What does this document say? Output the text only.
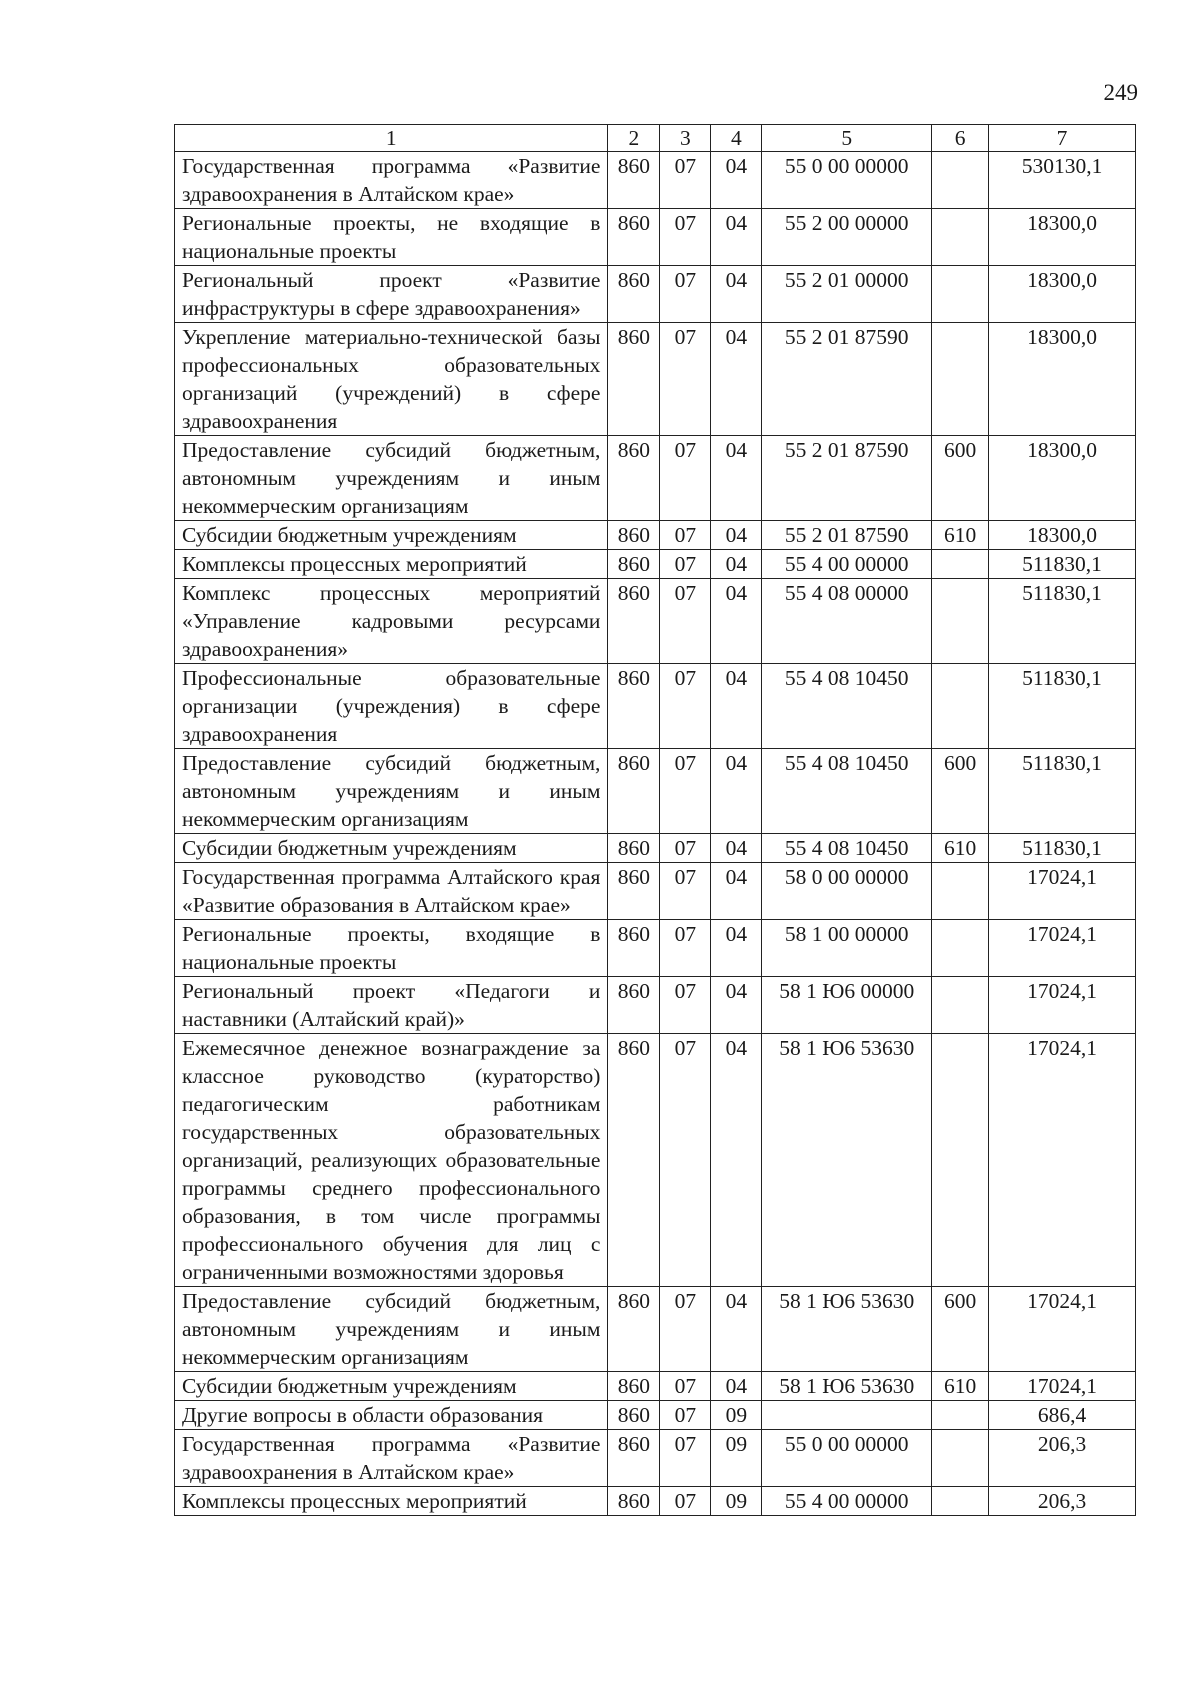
249
1	2	3	4	5	6	7
Государственная программа «Развитие здравоохранения в Алтайском крае»	860	07	04	55 0 00 00000		530130,1
Региональные проекты, не входящие в национальные проекты	860	07	04	55 2 00 00000		18300,0
Региональный проект «Развитие инфраструктуры в сфере здравоохранения»	860	07	04	55 2 01 00000		18300,0
Укрепление материально-технической базы профессиональных образовательных организаций (учреждений) в сфере здравоохранения	860	07	04	55 2 01 87590		18300,0
Предоставление субсидий бюджетным, автономным учреждениям и иным некоммерческим организациям	860	07	04	55 2 01 87590	600	18300,0
Субсидии бюджетным учреждениям	860	07	04	55 2 01 87590	610	18300,0
Комплексы процессных мероприятий	860	07	04	55 4 00 00000		511830,1
Комплекс процессных мероприятий «Управление кадровыми ресурсами здравоохранения»	860	07	04	55 4 08 00000		511830,1
Профессиональные образовательные организации (учреждения) в сфере здравоохранения	860	07	04	55 4 08 10450		511830,1
Предоставление субсидий бюджетным, автономным учреждениям и иным некоммерческим организациям	860	07	04	55 4 08 10450	600	511830,1
Субсидии бюджетным учреждениям	860	07	04	55 4 08 10450	610	511830,1
Государственная программа Алтайского края «Развитие образования в Алтайском крае»	860	07	04	58 0 00 00000		17024,1
Региональные проекты, входящие в национальные проекты	860	07	04	58 1 00 00000		17024,1
Региональный проект «Педагоги и наставники (Алтайский край)»	860	07	04	58 1 Ю6 00000		17024,1
Ежемесячное денежное вознаграждение за классное руководство (кураторство) педагогическим работникам государственных образовательных организаций, реализующих образовательные программы среднего профессионального образования, в том числе программы профессионального обучения для лиц с ограниченными возможностями здоровья	860	07	04	58 1 Ю6 53630		17024,1
Предоставление субсидий бюджетным, автономным учреждениям и иным некоммерческим организациям	860	07	04	58 1 Ю6 53630	600	17024,1
Субсидии бюджетным учреждениям	860	07	04	58 1 Ю6 53630	610	17024,1
Другие вопросы в области образования	860	07	09			686,4
Государственная программа «Развитие здравоохранения в Алтайском крае»	860	07	09	55 0 00 00000		206,3
Комплексы процессных мероприятий	860	07	09	55 4 00 00000		206,3
